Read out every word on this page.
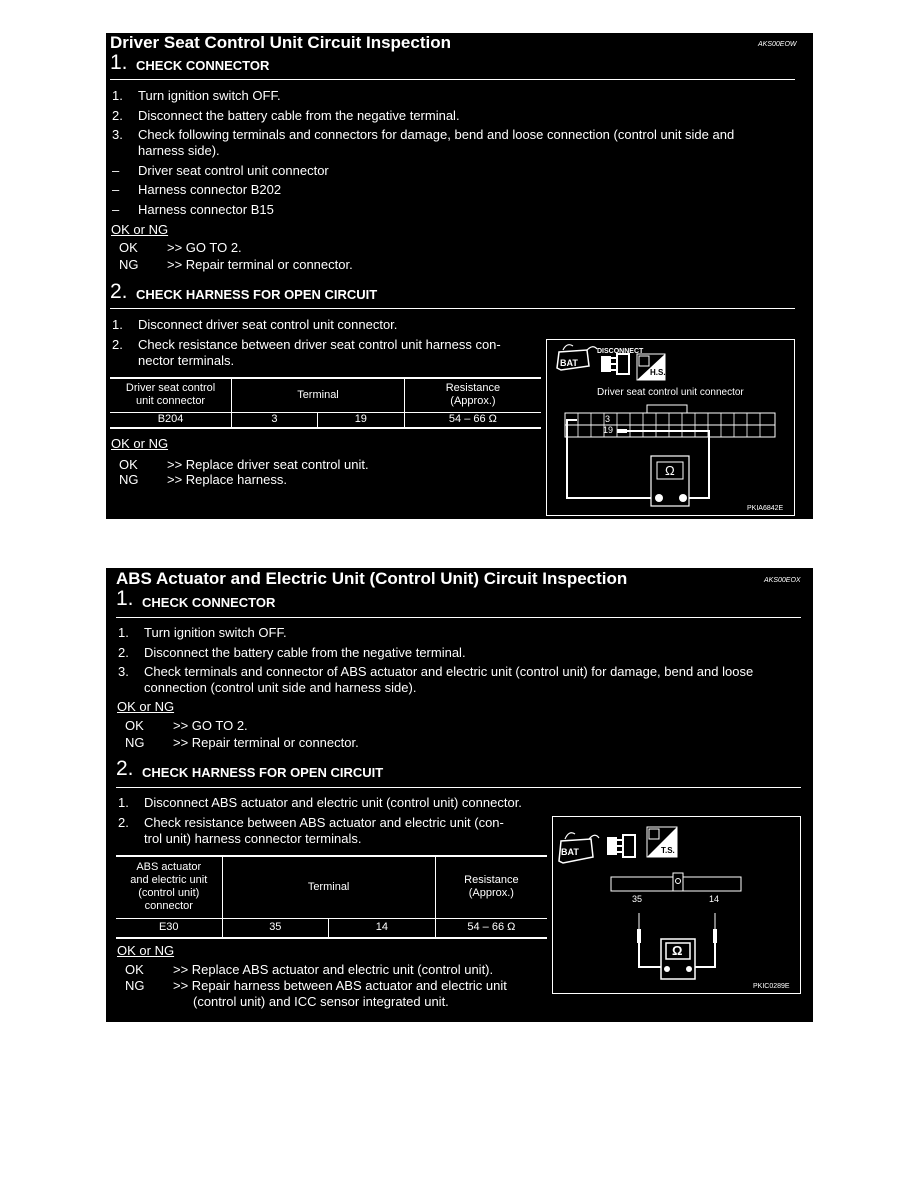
Driver Seat Control Unit Circuit Inspection	AKS00EOW
1. CHECK CONNECTOR
1. Turn ignition switch OFF.
2. Disconnect the battery cable from the negative terminal.
3. Check following terminals and connectors for damage, bend and loose connection (control unit side and
harness side).
– Driver seat control unit connector
– Harness connector B202
– Harness connector B15
OK or NG
OK >> GO TO 2.
NG >> Repair terminal or connector.
2. CHECK HARNESS FOR OPEN CIRCUIT
1. Disconnect driver seat control unit connector.
2. Check resistance between driver seat control unit harness con-
nector terminals.
Driver seat control unit connector	Terminal		Resistance (Approx.)
B204	3	19	54 – 66 Ω
OK or NG
OK >> Replace driver seat control unit.
NG >> Replace harness.
BAT
DISCONNECT
H.S.
Driver seat control unit connector
3
19
Ω
PKIA6842E
ABS Actuator and Electric Unit (Control Unit) Circuit Inspection	AKS00EOX
1. CHECK CONNECTOR
1. Turn ignition switch OFF.
2. Disconnect the battery cable from the negative terminal.
3. Check terminals and connector of ABS actuator and electric unit (control unit) for damage, bend and loose
connection (control unit side and harness side).
OK or NG
OK >> GO TO 2.
NG >> Repair terminal or connector.
2. CHECK HARNESS FOR OPEN CIRCUIT
1. Disconnect ABS actuator and electric unit (control unit) connector.
2. Check resistance between ABS actuator and electric unit (con-
trol unit) harness connector terminals.
ABS actuator and electric unit (control unit) connector	Terminal		Resistance (Approx.)
E30	35	14	54 – 66 Ω
OK or NG
OK >> Replace ABS actuator and electric unit (control unit).
NG >> Repair harness between ABS actuator and electric unit
(control unit) and ICC sensor integrated unit.
BAT	T.S.
35	14
Ω
PKIC0289E
